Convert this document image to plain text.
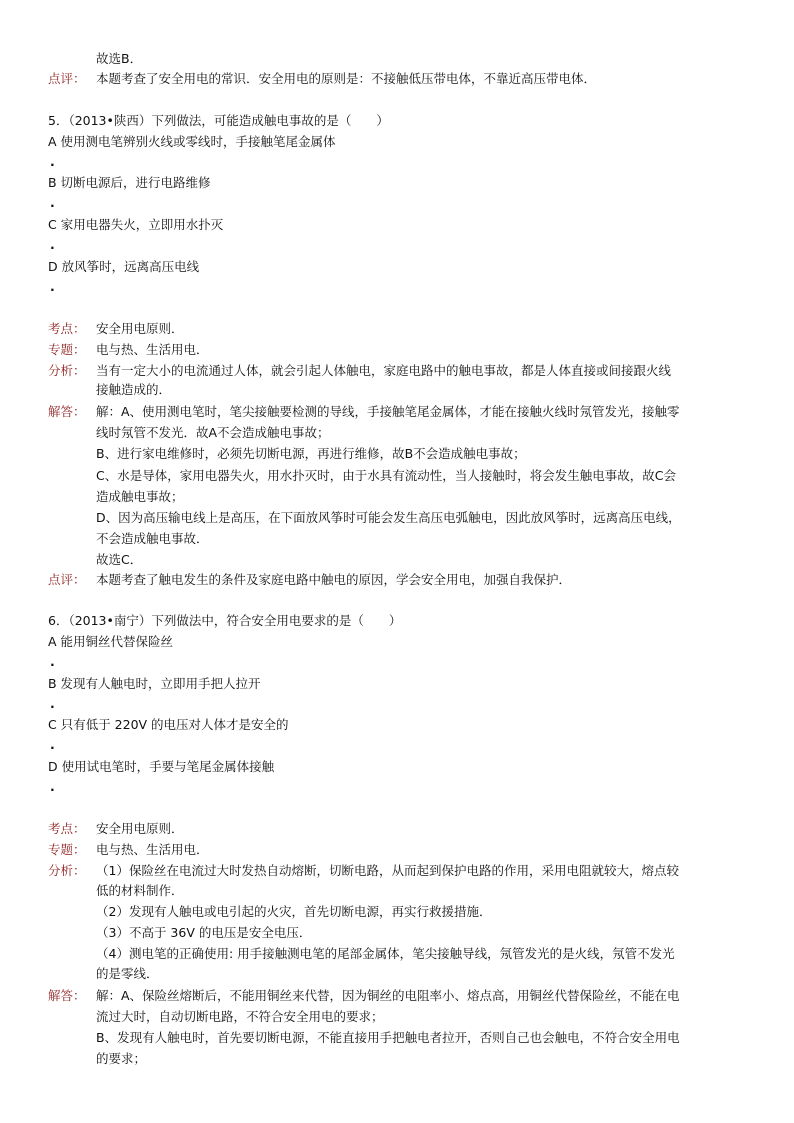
故选B．
点评： 本题考查了安全用电的常识．安全用电的原则是：不接触低压带电体，不靠近高压带电体．
5．（2013•陕西）下列做法，可能造成触电事故的是（　　）
A 使用测电笔辨别火线或零线时，手接触笔尾金属体
.
B 切断电源后，进行电路维修
.
C 家用电器失火，立即用水扑灭
.
D 放风筝时，远离高压电线
.
考点： 安全用电原则．
专题： 电与热、生活用电．
分析： 当有一定大小的电流通过人体，就会引起人体触电，家庭电路中的触电事故，都是人体直接或间接跟火线
接触造成的．
解答： 解：A、使用测电笔时，笔尖接触要检测的导线，手接触笔尾金属体，才能在接触火线时氖管发光，接触零
线时氖管不发光．故A不会造成触电事故；
B、进行家电维修时，必须先切断电源，再进行维修，故B不会造成触电事故；
C、水是导体，家用电器失火，用水扑灭时，由于水具有流动性，当人接触时，将会发生触电事故，故C会
造成触电事故；
D、因为高压输电线上是高压，在下面放风筝时可能会发生高压电弧触电，因此放风筝时，远离高压电线，
不会造成触电事故．
故选C．
点评： 本题考查了触电发生的条件及家庭电路中触电的原因，学会安全用电，加强自我保护．
6．（2013•南宁）下列做法中，符合安全用电要求的是（　　）
A 能用铜丝代替保险丝
.
B 发现有人触电时，立即用手把人拉开
.
C 只有低于 220V 的电压对人体才是安全的
.
D 使用试电笔时，手要与笔尾金属体接触
.
考点： 安全用电原则．
专题： 电与热、生活用电．
分析： （1）保险丝在电流过大时发热自动熔断，切断电路，从而起到保护电路的作用，采用电阻就较大，熔点较
低的材料制作．
（2）发现有人触电或电引起的火灾，首先切断电源，再实行救援措施．
（3）不高于 36V 的电压是安全电压．
（4）测电笔的正确使用: 用手接触测电笔的尾部金属体，笔尖接触导线，氖管发光的是火线，氖管不发光
的是零线．
解答： 解：A、保险丝熔断后，不能用铜丝来代替，因为铜丝的电阻率小、熔点高，用铜丝代替保险丝，不能在电
流过大时，自动切断电路，不符合安全用电的要求；
B、发现有人触电时，首先要切断电源，不能直接用手把触电者拉开，否则自己也会触电，不符合安全用电
的要求；
